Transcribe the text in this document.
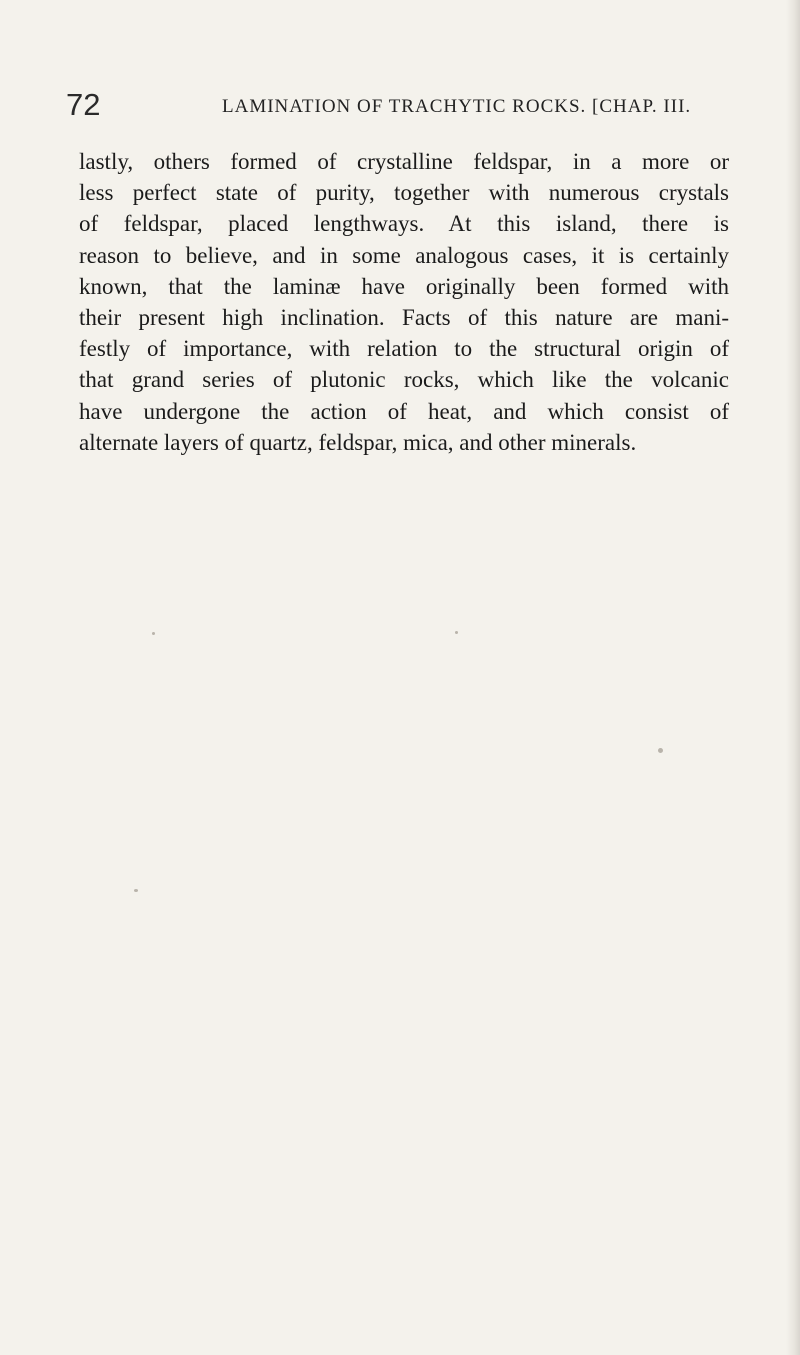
72	LAMINATION OF TRACHYTIC ROCKS. [CHAP. III.
lastly, others formed of crystalline feldspar, in a more or
less perfect state of purity, together with numerous crystals
of feldspar, placed lengthways. At this island, there is
reason to believe, and in some analogous cases, it is certainly
known, that the laminæ have originally been formed with
their present high inclination. Facts of this nature are mani-
festly of importance, with relation to the structural origin of
that grand series of plutonic rocks, which like the volcanic
have undergone the action of heat, and which consist of
alternate layers of quartz, feldspar, mica, and other minerals.
